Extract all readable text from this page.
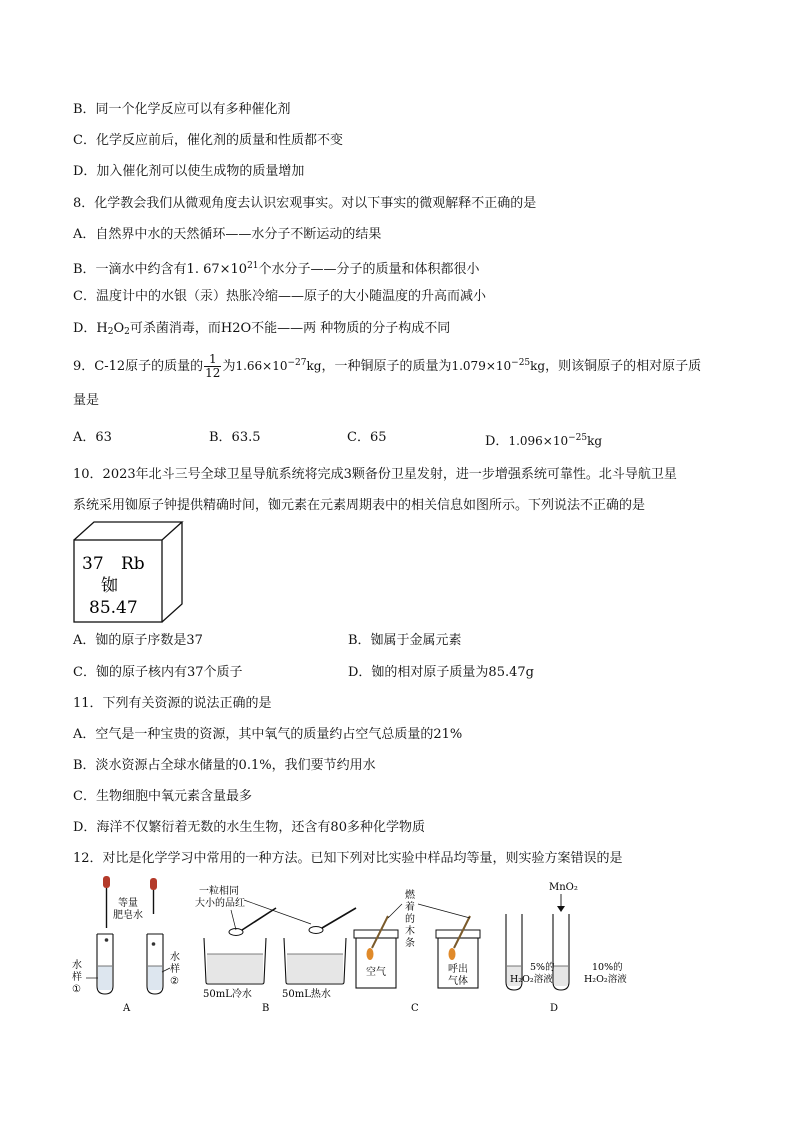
B．同一个化学反应可以有多种催化剂
C．化学反应前后，催化剂的质量和性质都不变
D．加入催化剂可以使生成物的质量增加
8．化学教会我们从微观角度去认识宏观事实。对以下事实的微观解释不正确的是
A．自然界中水的天然循环——水分子不断运动的结果
B．一滴水中约含有1. $67\times 10^{21}$个水分子——分子的质量和体积都很小
C．温度计中的水银（汞）热胀冷缩——原子的大小随温度的升高而减小
D．$H_2O_2$可杀菌消毒，而H2O不能——两 种物质的分子构成不同
9．C-12原子的质量的 $\frac{1}{12}$ 为$1.66\times 10^{-27}kg$，一种铜原子的质量为$1.079\times 10^{-25}kg$，则该铜原子的相对原子质
量是
A．63	B．63.5	C．65	D．$1.096\times 10^{-25}kg$
10．2023年北斗三号全球卫星导航系统将完成3颗备份卫星发射，进一步增强系统可靠性。北斗导航卫星
系统采用铷原子钟提供精确时间，铷元素在元素周期表中的相关信息如图所示。下列说法不正确的是
37 Rb
铷
85.47
A．铷的原子序数是37	B．铷属于金属元素
C．铷的原子核内有37个质子	D．铷的相对原子质量为85.47g
11．下列有关资源的说法正确的是
A．空气是一种宝贵的资源，其中氧气的质量约占空气总质量的21%
B．淡水资源占全球水储量的0.1%，我们要节约用水
C．生物细胞中氧元素含量最多
D．海洋不仅繁衍着无数的水生生物，还含有80多种化学物质
12．对比是化学学习中常用的一种方法。已知下列对比实验中样品均等量，则实验方案错误的是
等量
肥皂水
水
样
①
水
样
②
A
一粒相同
大小的品红
50mL冷水	50mL热水
B
燃
着
的
木
条
空气	呼出
气体
C
MnO₂
5%的
H₂O₂溶液
10%的
H₂O₂溶液
D
